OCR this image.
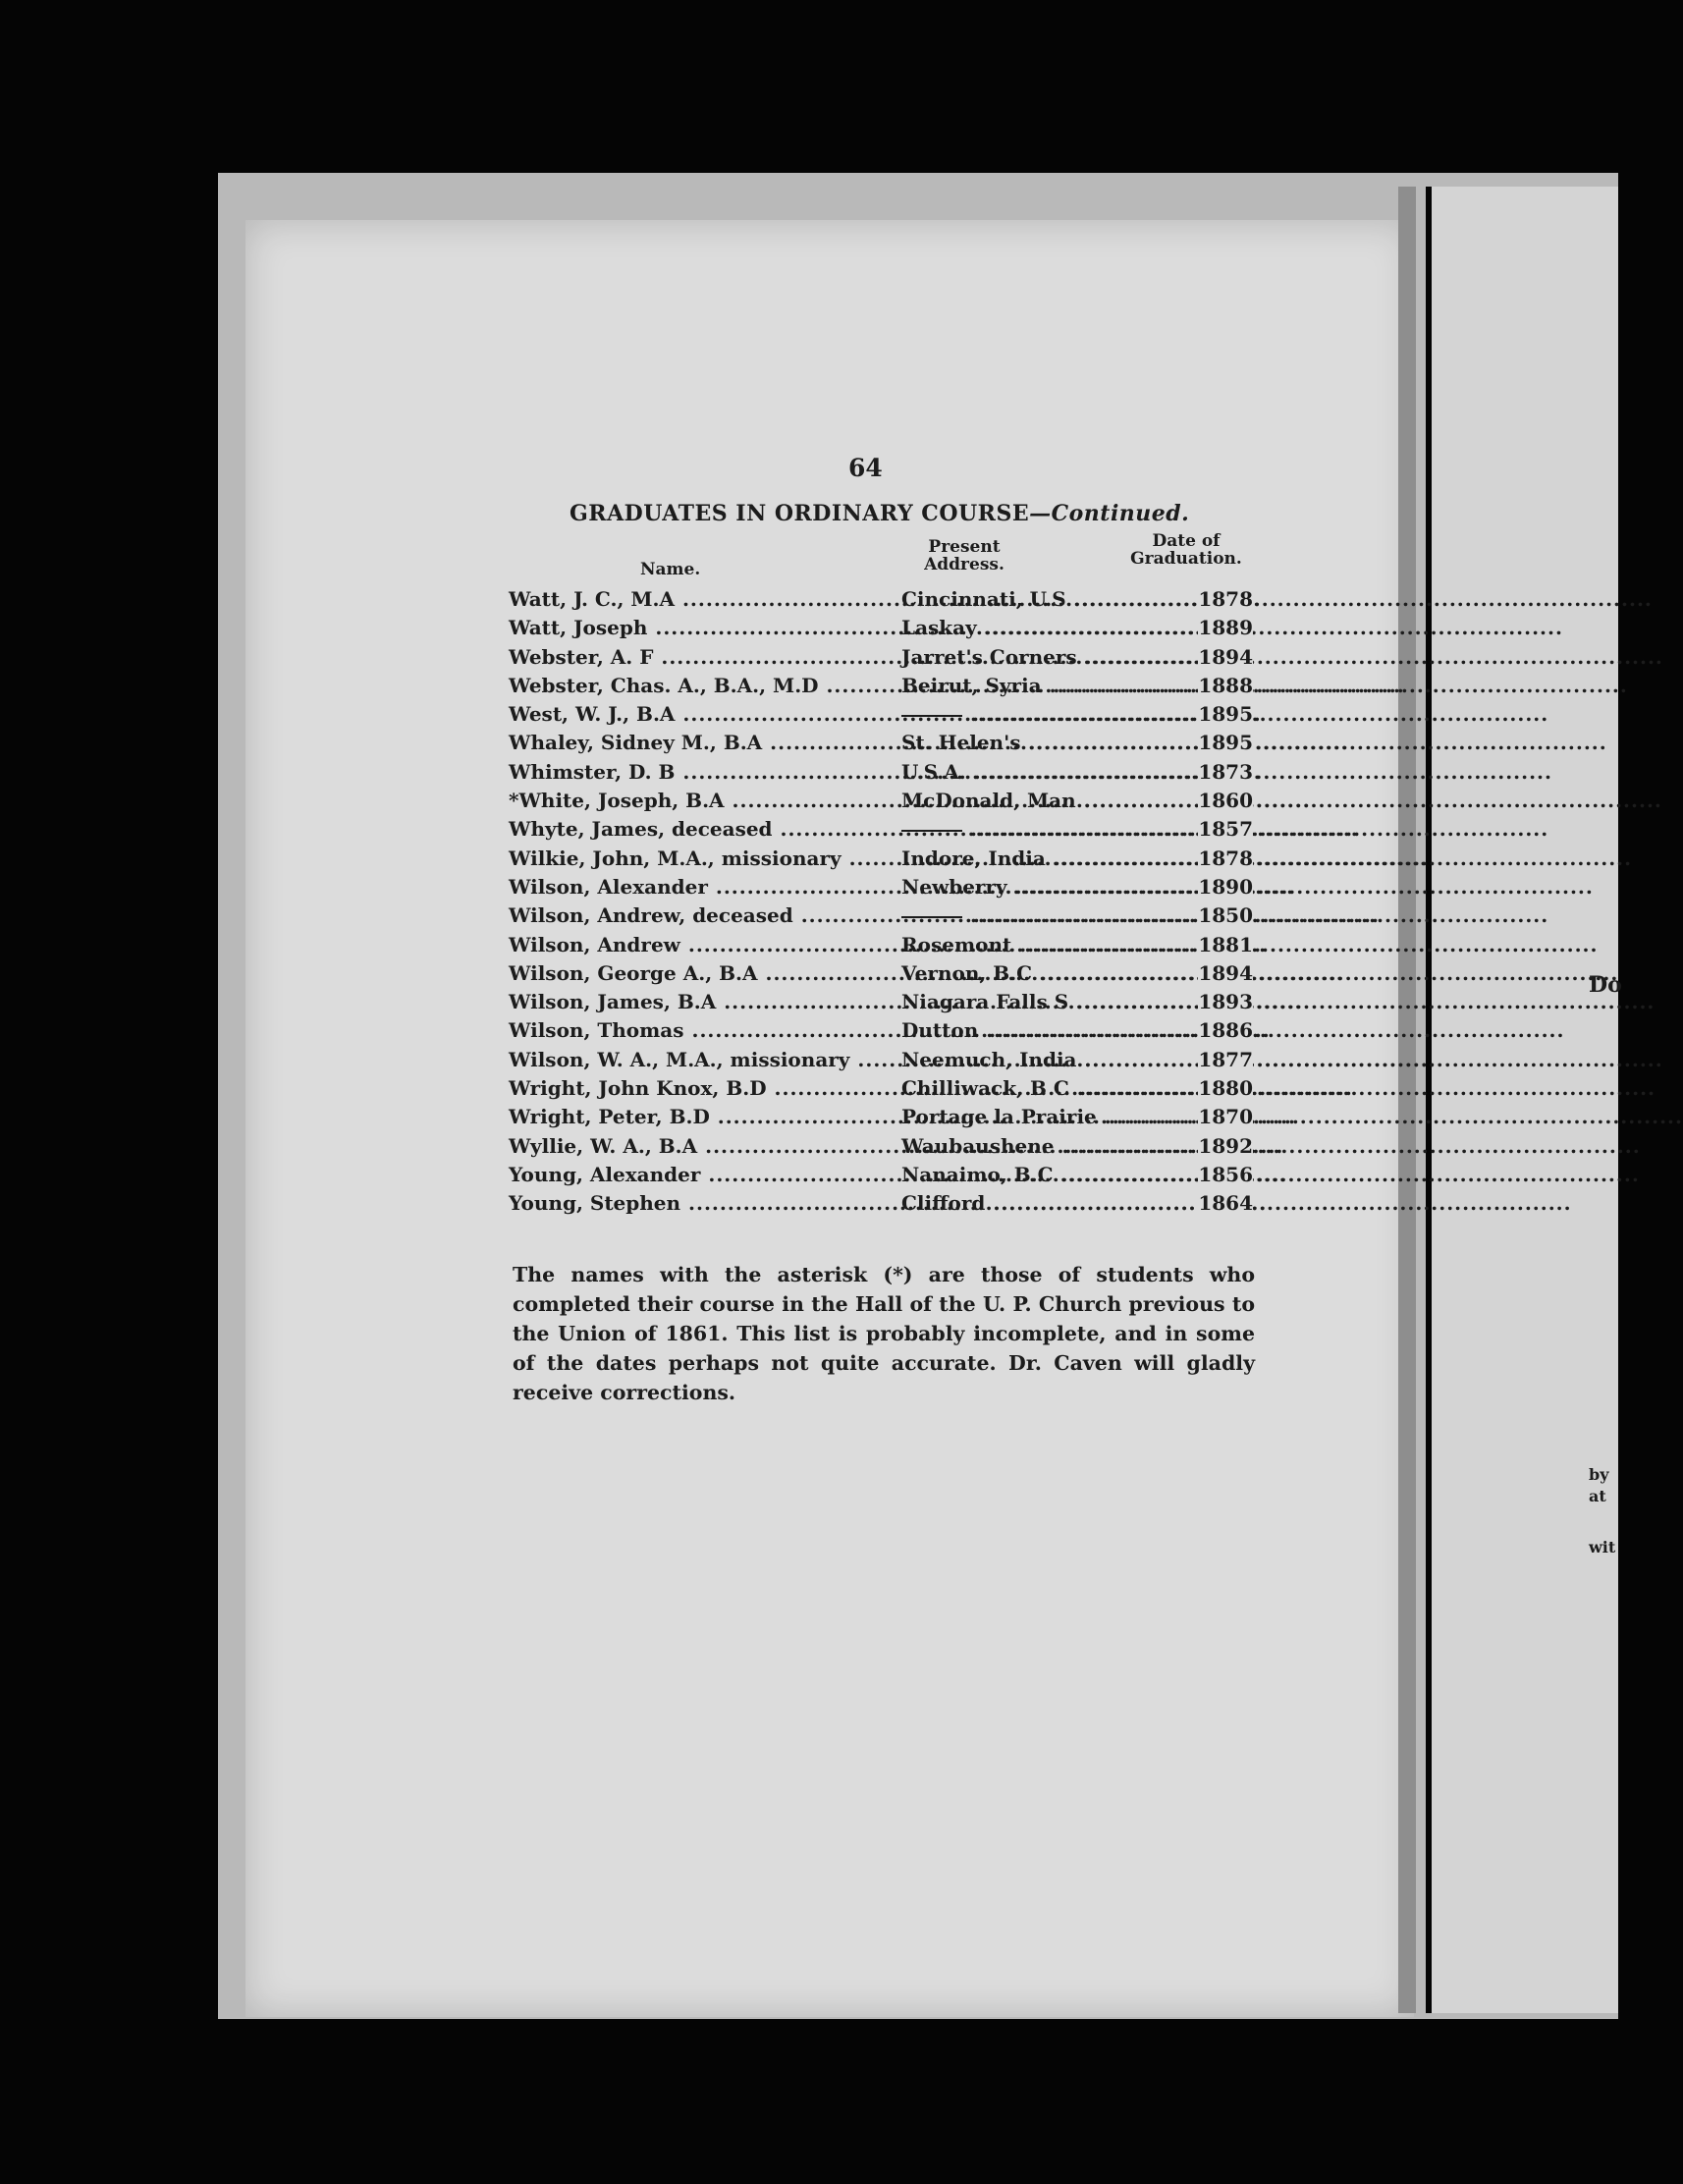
Do
by
at
wit
64
GRADUATES IN ORDINARY COURSE—Continued.
Name.
Present
Address.
Date of
Graduation.
Watt, J. C., M.A .....	Cincinnati, U.S .....	1878
Watt, Joseph .....	Laskay .....	1889
Webster, A. F .....	Jarret's Corners .....	1894
Webster, Chas. A., B.A., M.D .....	Beirut, Syria .....	1888
West, W. J., B.A ..... .....	1895
Whaley, Sidney M., B.A .....	St. Helen's .....	1895
Whimster, D. B .....	U.S.A. .....	1873
*White, Joseph, B.A .....	McDonald, Man .....	1860
Whyte, James, deceased ..... .....	1857
Wilkie, John, M.A., missionary .....	Indore, India .....	1878
Wilson, Alexander .....	Newberry .....	1890
Wilson, Andrew, deceased ..... .....	1850
Wilson, Andrew .....	Rosemont .....	1881
Wilson, George A., B.A .....	Vernon, B.C .....	1894
Wilson, James, B.A .....	Niagara Falls S .....	1893
Wilson, Thomas .....	Dutton .....	1886
Wilson, W. A., M.A., missionary .....	Neemuch, India .....	1877
Wright, John Knox, B.D .....	Chilliwack, B C .....	1880
Wright, Peter, B.D .....	Portage la Prairie .....	1870
Wyllie, W. A., B.A .....	Waubaushene .....	1892
Young, Alexander .....	Nanaimo, B.C .....	1856
Young, Stephen .....	Clifford .....	1864

The names with the asterisk (*) are those of students who completed their course in the Hall of the U. P. Church previous to the Union of 1861. This list is probably incomplete, and in some of the dates perhaps not quite accurate. Dr. Caven will gladly receive corrections.
